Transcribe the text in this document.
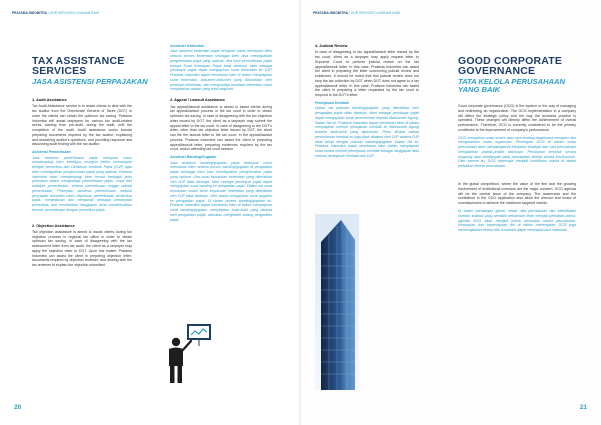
PRATAMA INDOMITRA | OUR SERVICES LAYANAN KAMI
TAX ASSISTANCE SERVICES
JASA ASISTENSI PERPAJAKAN
1. Audit Assistance

Tax Audit Assistance service is to assist clients to deal with the tax auditor from the Directorate General of Taxes (DGT) in order the clients can obtain the optimum tax saving. Pratama Indomitra will assist taxpayers for various tax audit-related works, starting from pre-audit, during the audit, until the completion of the audit. Audit assistance works include preparing documents required by the tax auditor, explaining and answering auditor's questions, and providing response and discussing audit finding with the tax auditor.

Asistensi Pemeriksaan

Jasa asistensi pemeriksaan pajak bertujuan untuk mendampingi klien sekaligus mungkin ketika berhadapan dengan pemeriksa dari Direktorat Jenderal Pajak (DJP) agar klien mendapatkan penghematan pajak yang optimal. Pratama Indomitra akan mendampingi klien terkait berbagai jenis pekerjaan dalam menghadapi pemeriksaan pajak, mulai dari sebelum pemeriksaan, selama pemeriksaan hingga selesai pemeriksaan. Pekerjaan asistensi pemeriksaan meliputi penyiapan dokumen untuk keperluan pemeriksaan pemeriksa pajak, menjelaskan dan menjawab berbagai pertanyaan pemeriksa, dan memberikan tanggapan serta mendiskusikan temuan pemeriksaan dengan pemeriksa pajak.

2. Objection Assistance

Tax objection assistance is aimed to assist clients during tax objection process in regional tax office in order to obtain optimum tax saving. In case of disagreeing with the tax assessment letter from tax audit, the client as a taxpayer may apply the objection letter to DGT. Upon this matter, Pratama Indomitra can assist the client in preparing objection letter, documents required by objection reviewer, and dealing with the tax reviewer to explain the objection submitted.

Asistensi Keberatan

Jasa asistensi keberatan pajak bertujuan untuk membantu klien selama proses keberatan sehingga klien bisa mendapatkan penghematan pajak yang optimal. Jika hasil pemeriksaan pajak berupa Surat Ketetapan Pajak tidak disetujui, klien sebagai pembayar pajak dapat mengajukan surat keberatan ke DJP. Pratama Indomitra dapat membantu klien di dalam menyiapkan surat keberatan, dokumen-dokumen yang dibutuhkan oleh penelaah keberatan, dan menghadapi penelaah keberatan untuk menjelaskan alasan yang telah diajukan.

3. Appeal / Lawsuit Assistance

Tax appeal/lawsuit assistance is aimed to assist clients during tax appeal/lawsuit process in the tax court in order to obtain optimum tax saving. In case of disagreeing with the tax objection letter issued by DGT, the client as a taxpayer may submit the appeal letter to the tax court. In case of disagreeing to the DGT's letter, other than tax objection letter issued by DGT, the client can file the lawsuit letter to the tax court. In the appeal/lawsuit process, Pratama Indomitra can assist the client in preparing appeal/lawsuit letter, preparing evidences required by the tax court, and/or attending tax court session.

Asistensi Banding/Gugatan

Jasa asistensi banding/gugatan pajak bertujuan untuk membantu klien selama proses banding/gugatan di pengadilan pajak sehingga klien bisa mendapatkan penghematan pajak yang optimal. Jika surat keputusan keberatan yang diterbitkan oleh DJP tidak disetujui, klien sebagai pembayar pajak dapat mengajukan surat banding ke pengadilan pajak. Dalam hal surat keputusan selain surat keputusan keberatan yang diterbitkan oleh DJP tidak disetujui, klien dapat mengajukan surat gugatan ke pengadilan pajak. Di dalam proses banding/gugatan ini, Pratama Indomitra dapat membantu klien di dalam menyiapkan surat banding/gugatan, menyiapkan bukti-bukti yang diminta oleh pengadilan pajak, dan/atau menghadiri sidang pengadilan pajak.

20
PRATAMA INDOMITRA | OUR SERVICES LAYANAN KAMI
4. Judicial Review

In case of disagreeing to tax appeal/lawsuit letter issued by the tax court, client as a taxpayer may apply request letter to Supreme Court to perform judicial review on the tax appeal/lawsuit letter. In this case, Pratama Indomitra can assist the client in preparing the letter concerning judicial review and evidences. It should be noted that this judicial review does not stop the tax collection by DGT when DGT does not agree to a tax appeal/lawsuit letter. In this case, Pratama Indomitra can assist the client in preparing a letter requested by the tax court to respond to the DGT's letter.

Peninjauan Kembali

Dalam hal putusan banding/gugatan yang diterbitkan oleh pengadilan pajak tidak disetujui, klien sebagai pembayar pajak dapat mengajukan surat permohonan kepada Mahkamah Agung. Dalam hal ini, Pratama Indomitra dapat membantu klien di dalam menyiapkan memori peninjauan kembali ke Mahkamah Agung beserta bukti-bukti yang diperlukan. Perlu dicatat bahwa permohonan kembali ini juga tidak dibatasi oleh DJP selama DJP tidak setuju dengan putusan banding/gugatan. Dalam hal ini, Pratama Indomitra dapat membantu klien dalam menyiapkan surat kontra memori peninjauan kembali sebagai tanggapan atas memori peninjauan kembali oleh DJP.

GOOD CORPORATE GOVERNANCE
TATA KELOLA PERUSAHAAN YANG BAIK

Good corporate governance (GCG) is the system or the way of managing and redirecting an organization. The GCG implementation in a company will affect the strategic policy and the way the business practice is operated. These changes will directly affect the achievement of overall performance. Therefore, GCG is currently considered to be the primary contributor to the improvement of company's performance.

GCG merupakan suatu sistem atau cara tentang bagaimana mengatur dan mengarahkan suatu organisasi. Penerapan GCG di dalam suatu perusahaan akan mempengaruhi kebijakan strategis dan cara perusahaan menjalankan praktik-praktik bisnisnya. Perubahan tersebut secara langsung akan berdampak pada pencapaian kinerja secara keseluruhan. Oleh karena itu, GCG dipercaya menjadi kontributor utama di dalam perbaikan kinerja perusahaan.

In the global competition, where the value of the firm and the growing involvement of institutional investors are the major concern, GCG agenda will be the central issue of the company. The awareness and the confidence in the GCG application also allow the director and board of commissioners to achieve the maximum-targeted results.

Di dalam persaingan global, selain nilai perusahaan dan keterlibatan investor institusi yang semakin bertambah telah menjadi perhatian utama, agenda GCG akan menjadi pokok persoalan utama perusahaan. Kesadaran dan kepercayaan diri di dalam menerapkan GCG juga memungkinkan direksi dan komisaris dapat mencapai hasil maksimal.

21
